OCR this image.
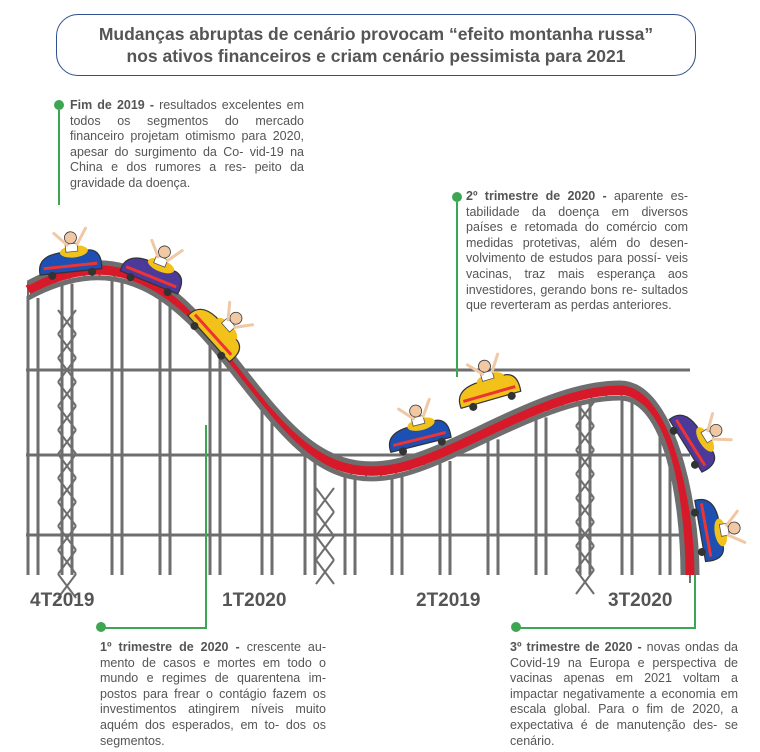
Mudanças abruptas de cenário provocam “efeito montanha russa”
nos ativos financeiros e criam cenário pessimista para 2021
Fim de 2019 - resultados excelentes em todos os segmentos do mercado financeiro projetam otimismo para 2020, apesar do surgimento da Co- vid-19 na China e dos rumores a res- peito da gravidade da doença.
2º trimestre de 2020 - aparente es- tabilidade da doença em diversos países e retomada do comércio com medidas protetivas, além do desen- volvimento de estudos para possí- veis vacinas, traz mais esperança aos investidores, gerando bons re- sultados que reverteram as perdas anteriores.
1º trimestre de 2020 - crescente au- mento de casos e mortes em todo o mundo e regimes de quarentena im- postos para frear o contágio fazem os investimentos atingirem níveis muito aquém dos esperados, em to- dos os segmentos.
3º trimestre de 2020 - novas ondas da Covid-19 na Europa e perspectiva de vacinas apenas em 2021 voltam a impactar negativamente a economia em escala global. Para o fim de 2020, a expectativa é de manutenção des- se cenário.
4T2019	1T2020	2T2019	3T2020
